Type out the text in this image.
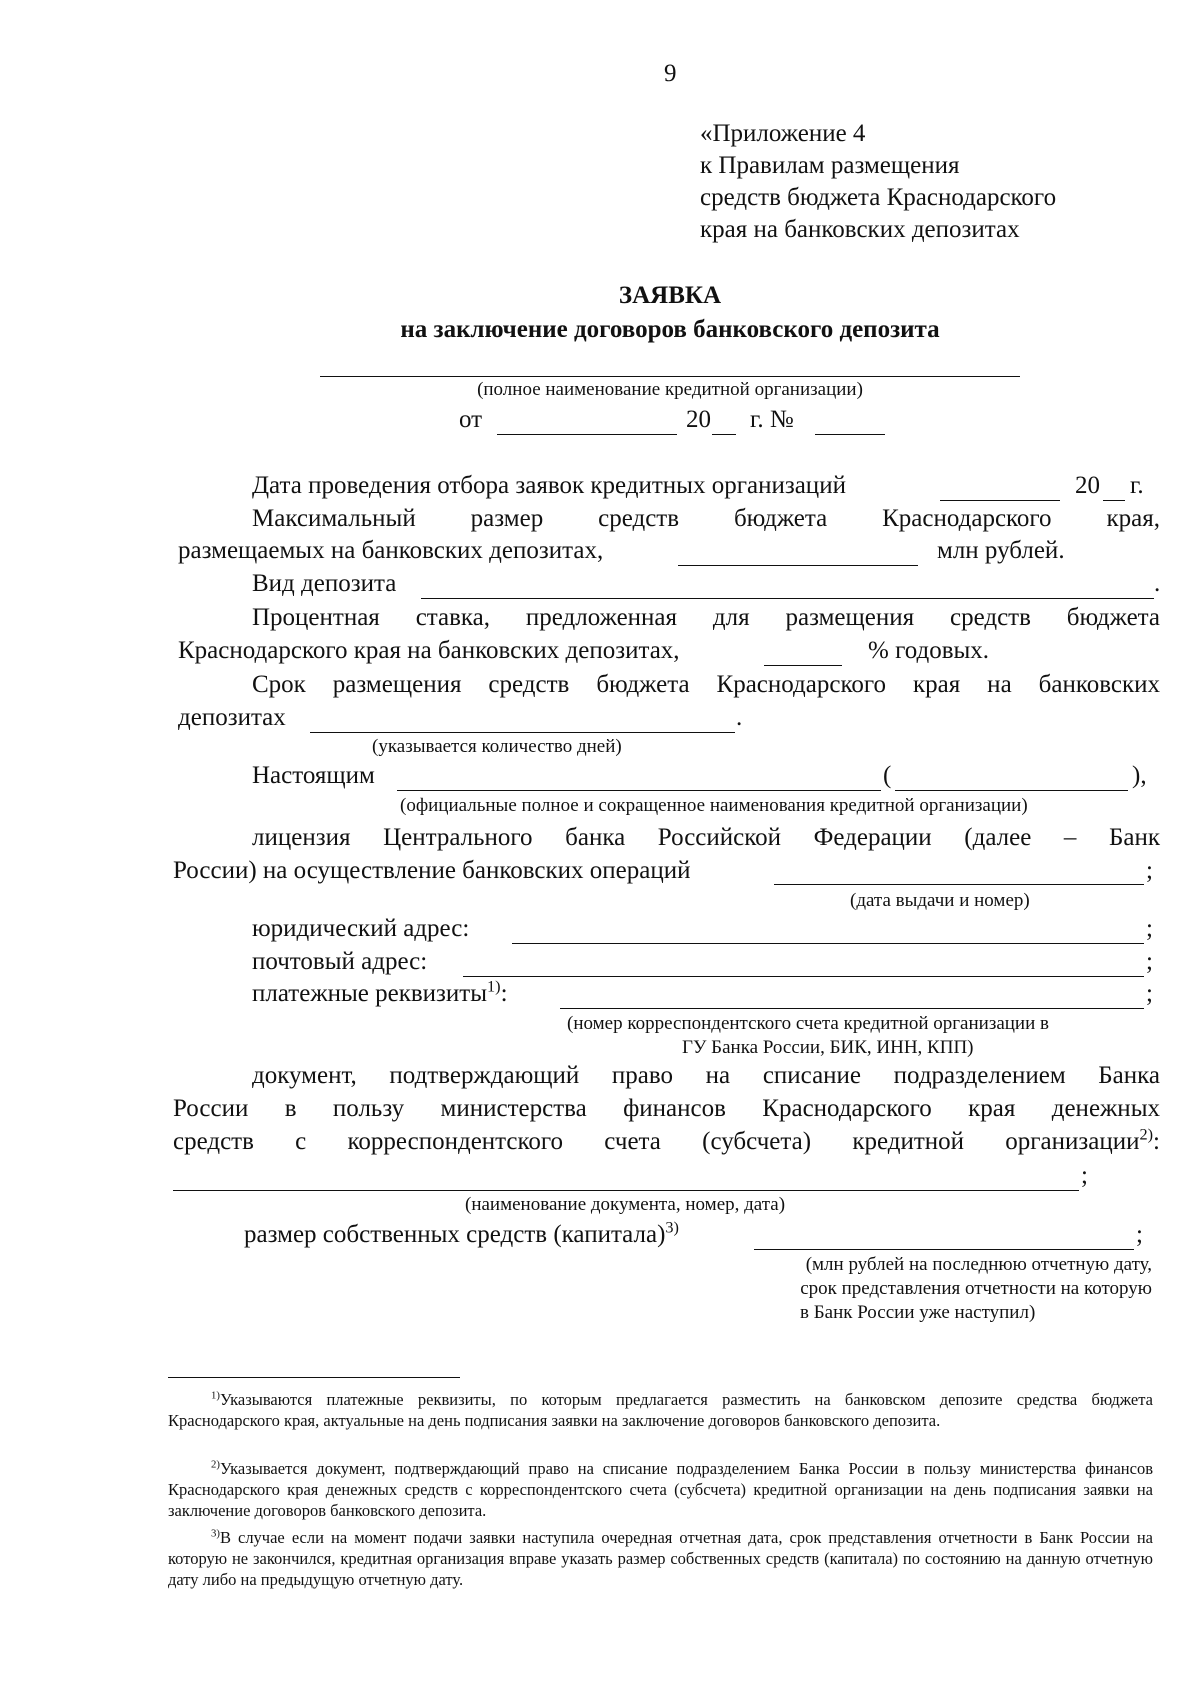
9
«Приложение 4
к Правилам размещения
средств бюджета Краснодарского
края на банковских депозитах
ЗАЯВКА
на заключение договоров банковского депозита
(полное наименование кредитной организации)
от	20 г. №
Дата проведения отбора заявок кредитных организаций	20 г.
Максимальный размер средств бюджета Краснодарского края,
размещаемых на банковских депозитах,	млн рублей.
Вид депозита	.
Процентная ставка, предложенная для размещения средств бюджета
Краснодарского края на банковских депозитах,	% годовых.
Срок размещения средств бюджета Краснодарского края на банковских
депозитах	.
(указывается количество дней)
Настоящим	(	),
(официальные полное и сокращенное наименования кредитной организации)
лицензия Центрального банка Российской Федерации (далее – Банк
России) на осуществление банковских операций	;
(дата выдачи и номер)
юридический адрес:	;
почтовый адрес:	;
платежные реквизиты$^{1)}$:	;
(номер корреспондентского счета кредитной организации в
ГУ Банка России, БИК, ИНН, КПП)
документ, подтверждающий право на списание подразделением Банка
России в пользу министерства финансов Краснодарского края денежных
средств с корреспондентского счета (субсчета) кредитной организации$^{2)}$:
;
(наименование документа, номер, дата)
размер собственных средств (капитала)$^{3)}$	;
(млн рублей на последнюю отчетную дату,
срок представления отчетности на которую
в Банк России уже наступил)
$^{1)}$Указываются платежные реквизиты, по которым предлагается разместить на банковском депозите средства бюджета Краснодарского края, актуальные на день подписания заявки на заключение договоров банковского депозита.
$^{2)}$Указывается документ, подтверждающий право на списание подразделением Банка России в пользу министерства финансов Краснодарского края денежных средств с корреспондентского счета (субсчета) кредитной организации на день подписания заявки на заключение договоров банковского депозита.
$^{3)}$В случае если на момент подачи заявки наступила очередная отчетная дата, срок представления отчетности в Банк России на которую не закончился, кредитная организация вправе указать размер собственных средств (капитала) по состоянию на данную отчетную дату либо на предыдущую отчетную дату.
